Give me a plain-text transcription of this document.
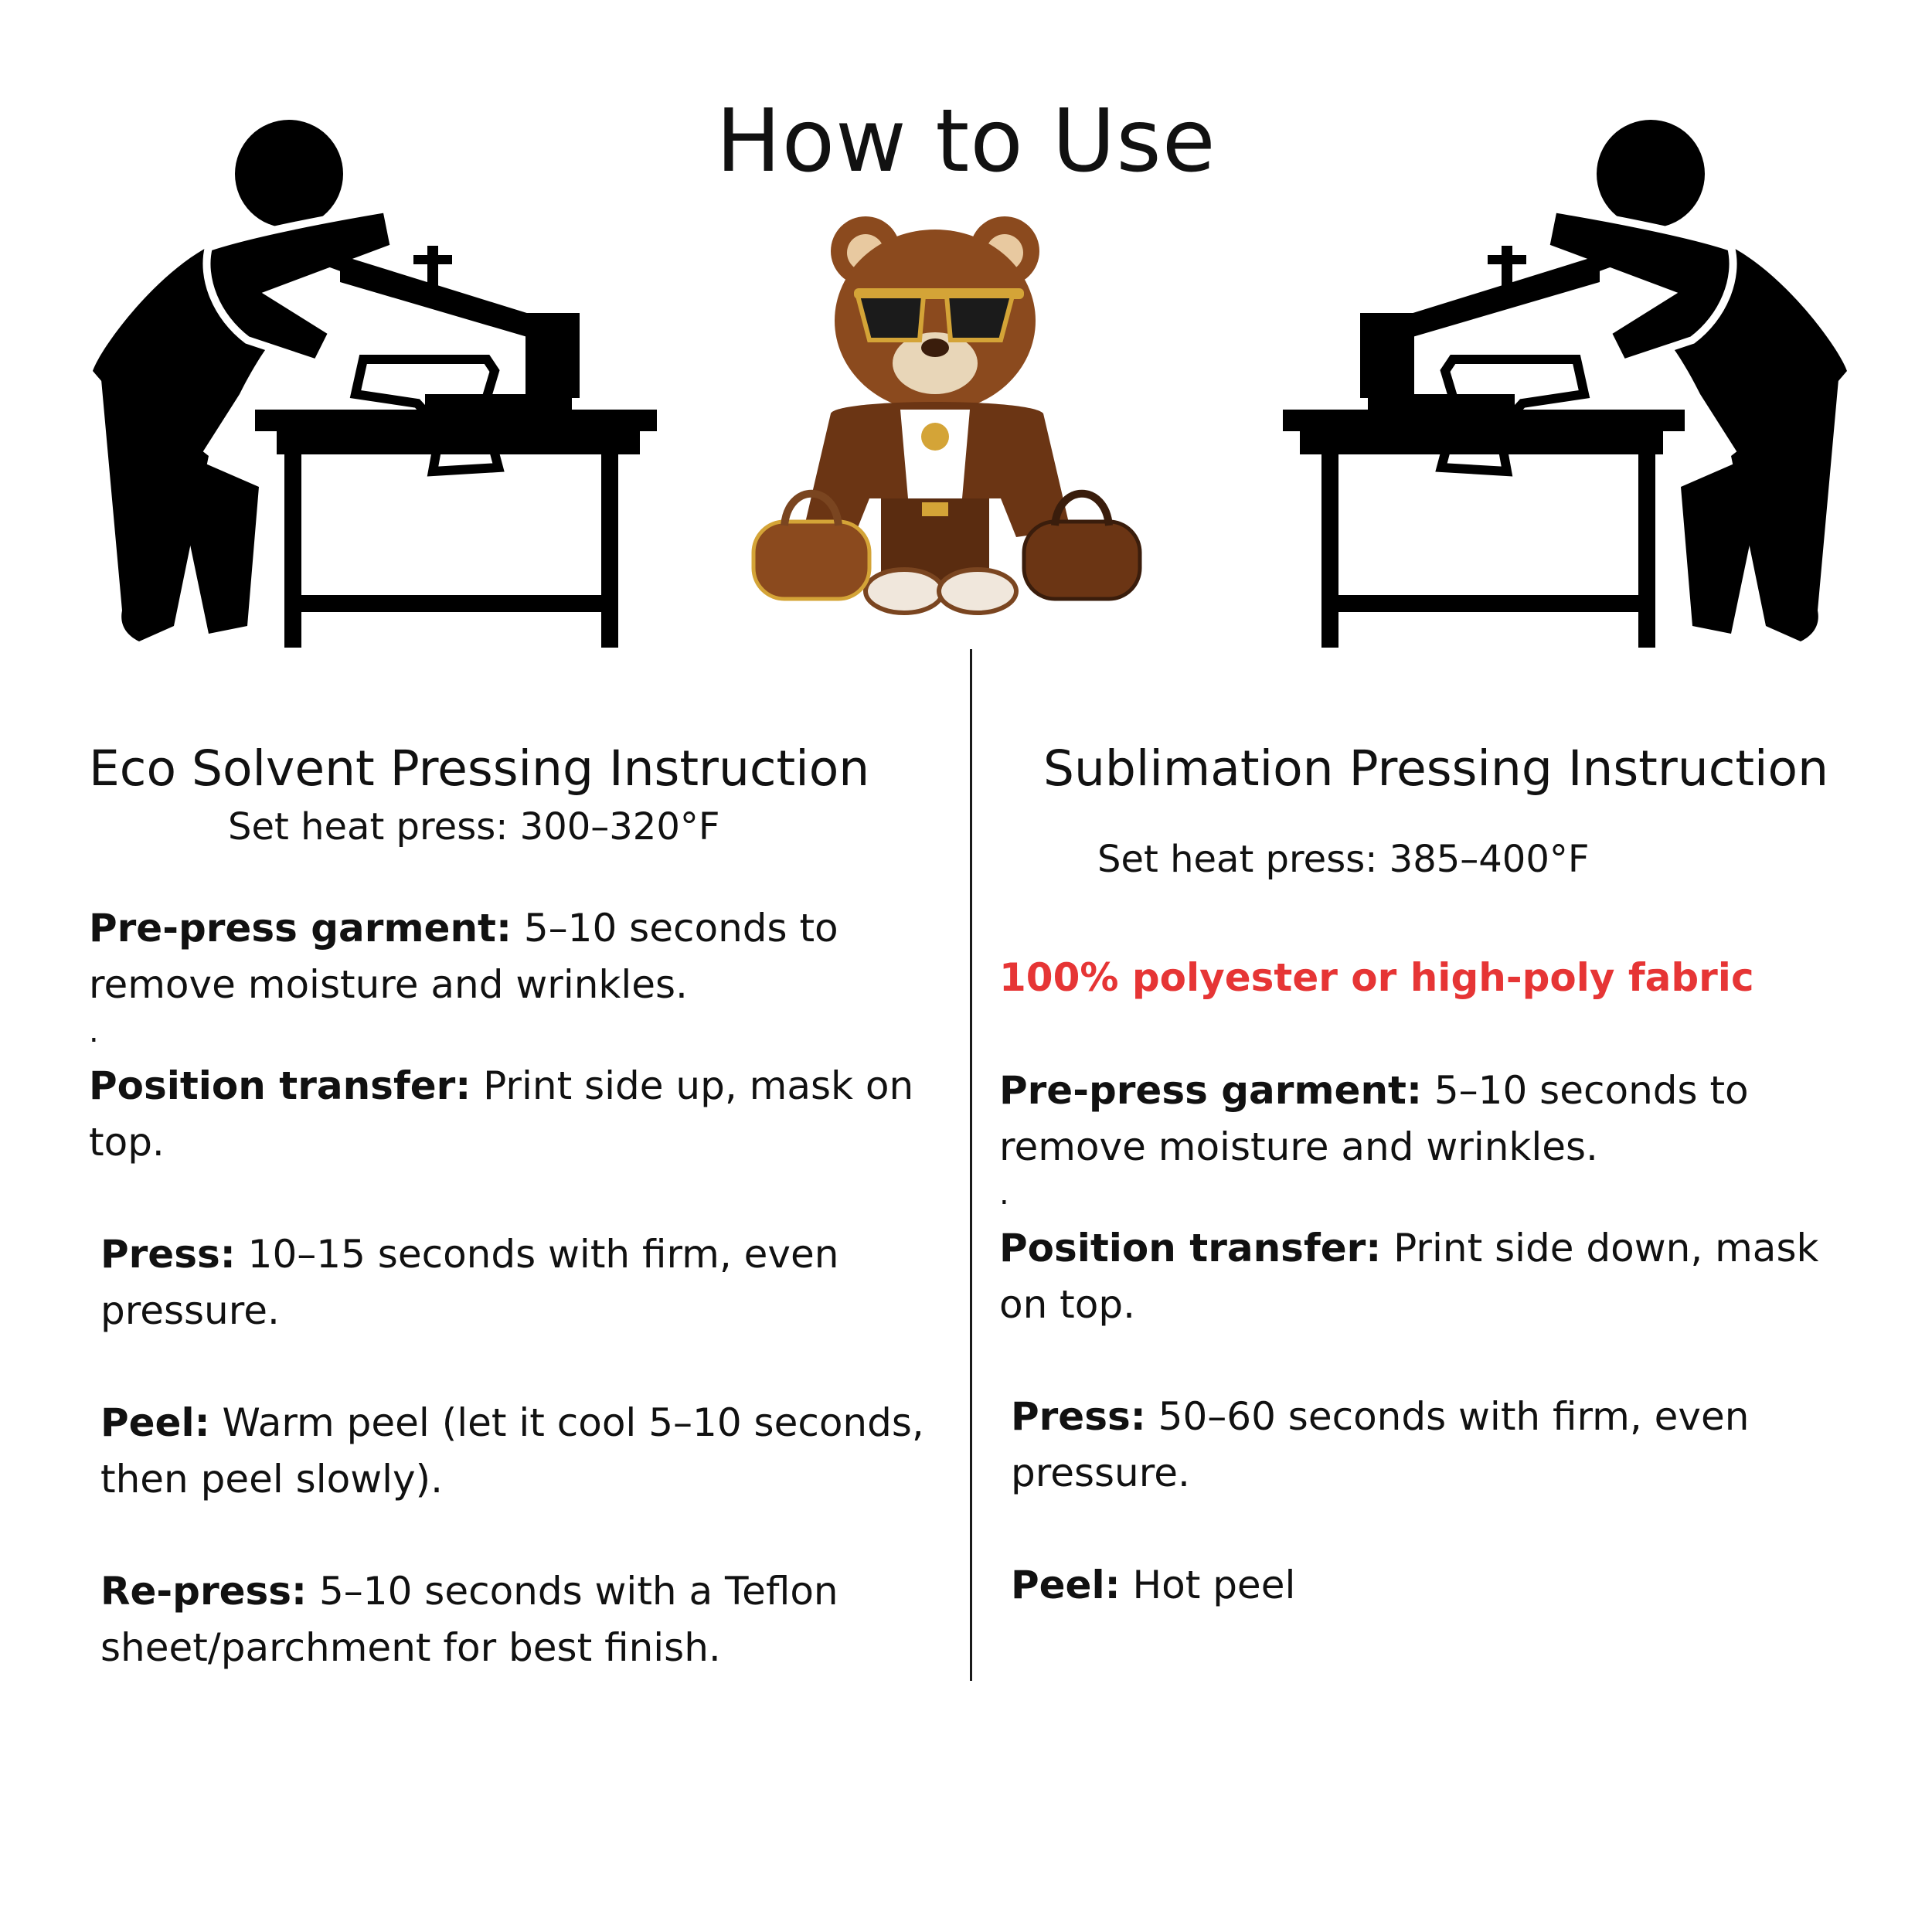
How to Use
Eco Solvent Pressing Instruction
Set heat press: 300–320°F

Pre-press garment: 5–10 seconds to remove moisture and wrinkles.

.

Position transfer: Print side up, mask on top.

Press: 10–15 seconds with firm, even pressure.

Peel: Warm peel (let it cool 5–10 seconds, then peel slowly).

Re-press: 5–10 seconds with a Teflon sheet/parchment for best finish.

Sublimation Pressing Instruction
Set heat press: 385–400°F
100% polyester or high-poly fabric

Pre-press garment: 5–10 seconds to remove moisture and wrinkles.

.

Position transfer: Print side down, mask on top.

Press: 50–60 seconds with firm, even pressure.

Peel: Hot peel
